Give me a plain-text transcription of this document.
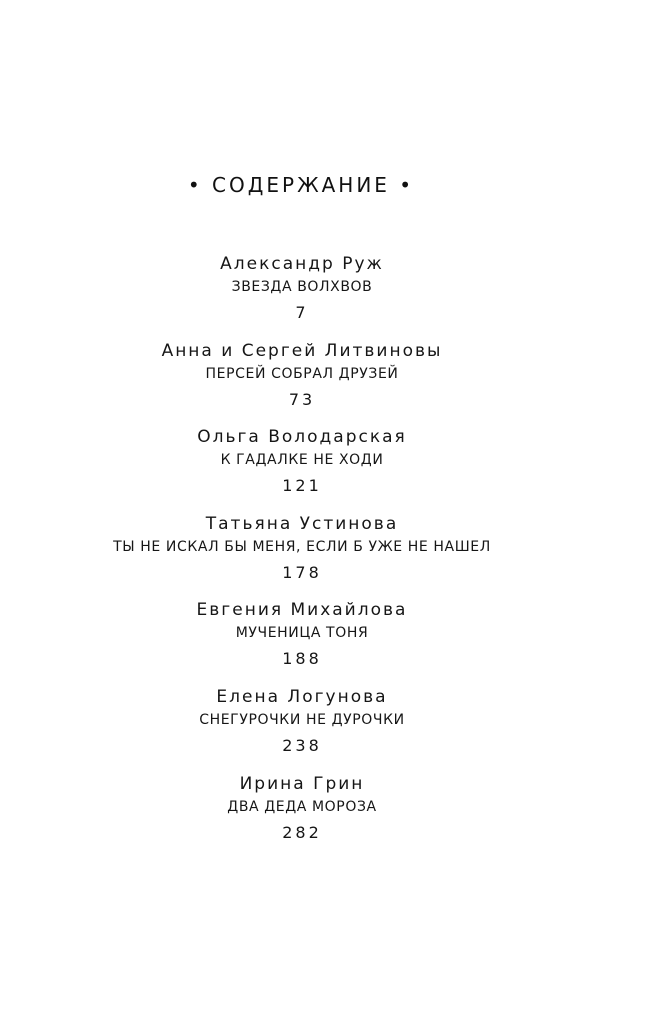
• СОДЕРЖАНИЕ •
Александр Руж
ЗВЕЗДА ВОЛХВОВ
7
Анна и Сергей Литвиновы
ПЕРСЕЙ СОБРАЛ ДРУЗЕЙ
73
Ольга Володарская
К ГАДАЛКЕ НЕ ХОДИ
121
Татьяна Устинова
ТЫ НЕ ИСКАЛ БЫ МЕНЯ, ЕСЛИ Б УЖЕ НЕ НАШЕЛ
178
Евгения Михайлова
МУЧЕНИЦА ТОНЯ
188
Елена Логунова
СНЕГУРОЧКИ НЕ ДУРОЧКИ
238
Ирина Грин
ДВА ДЕДА МОРОЗА
282
